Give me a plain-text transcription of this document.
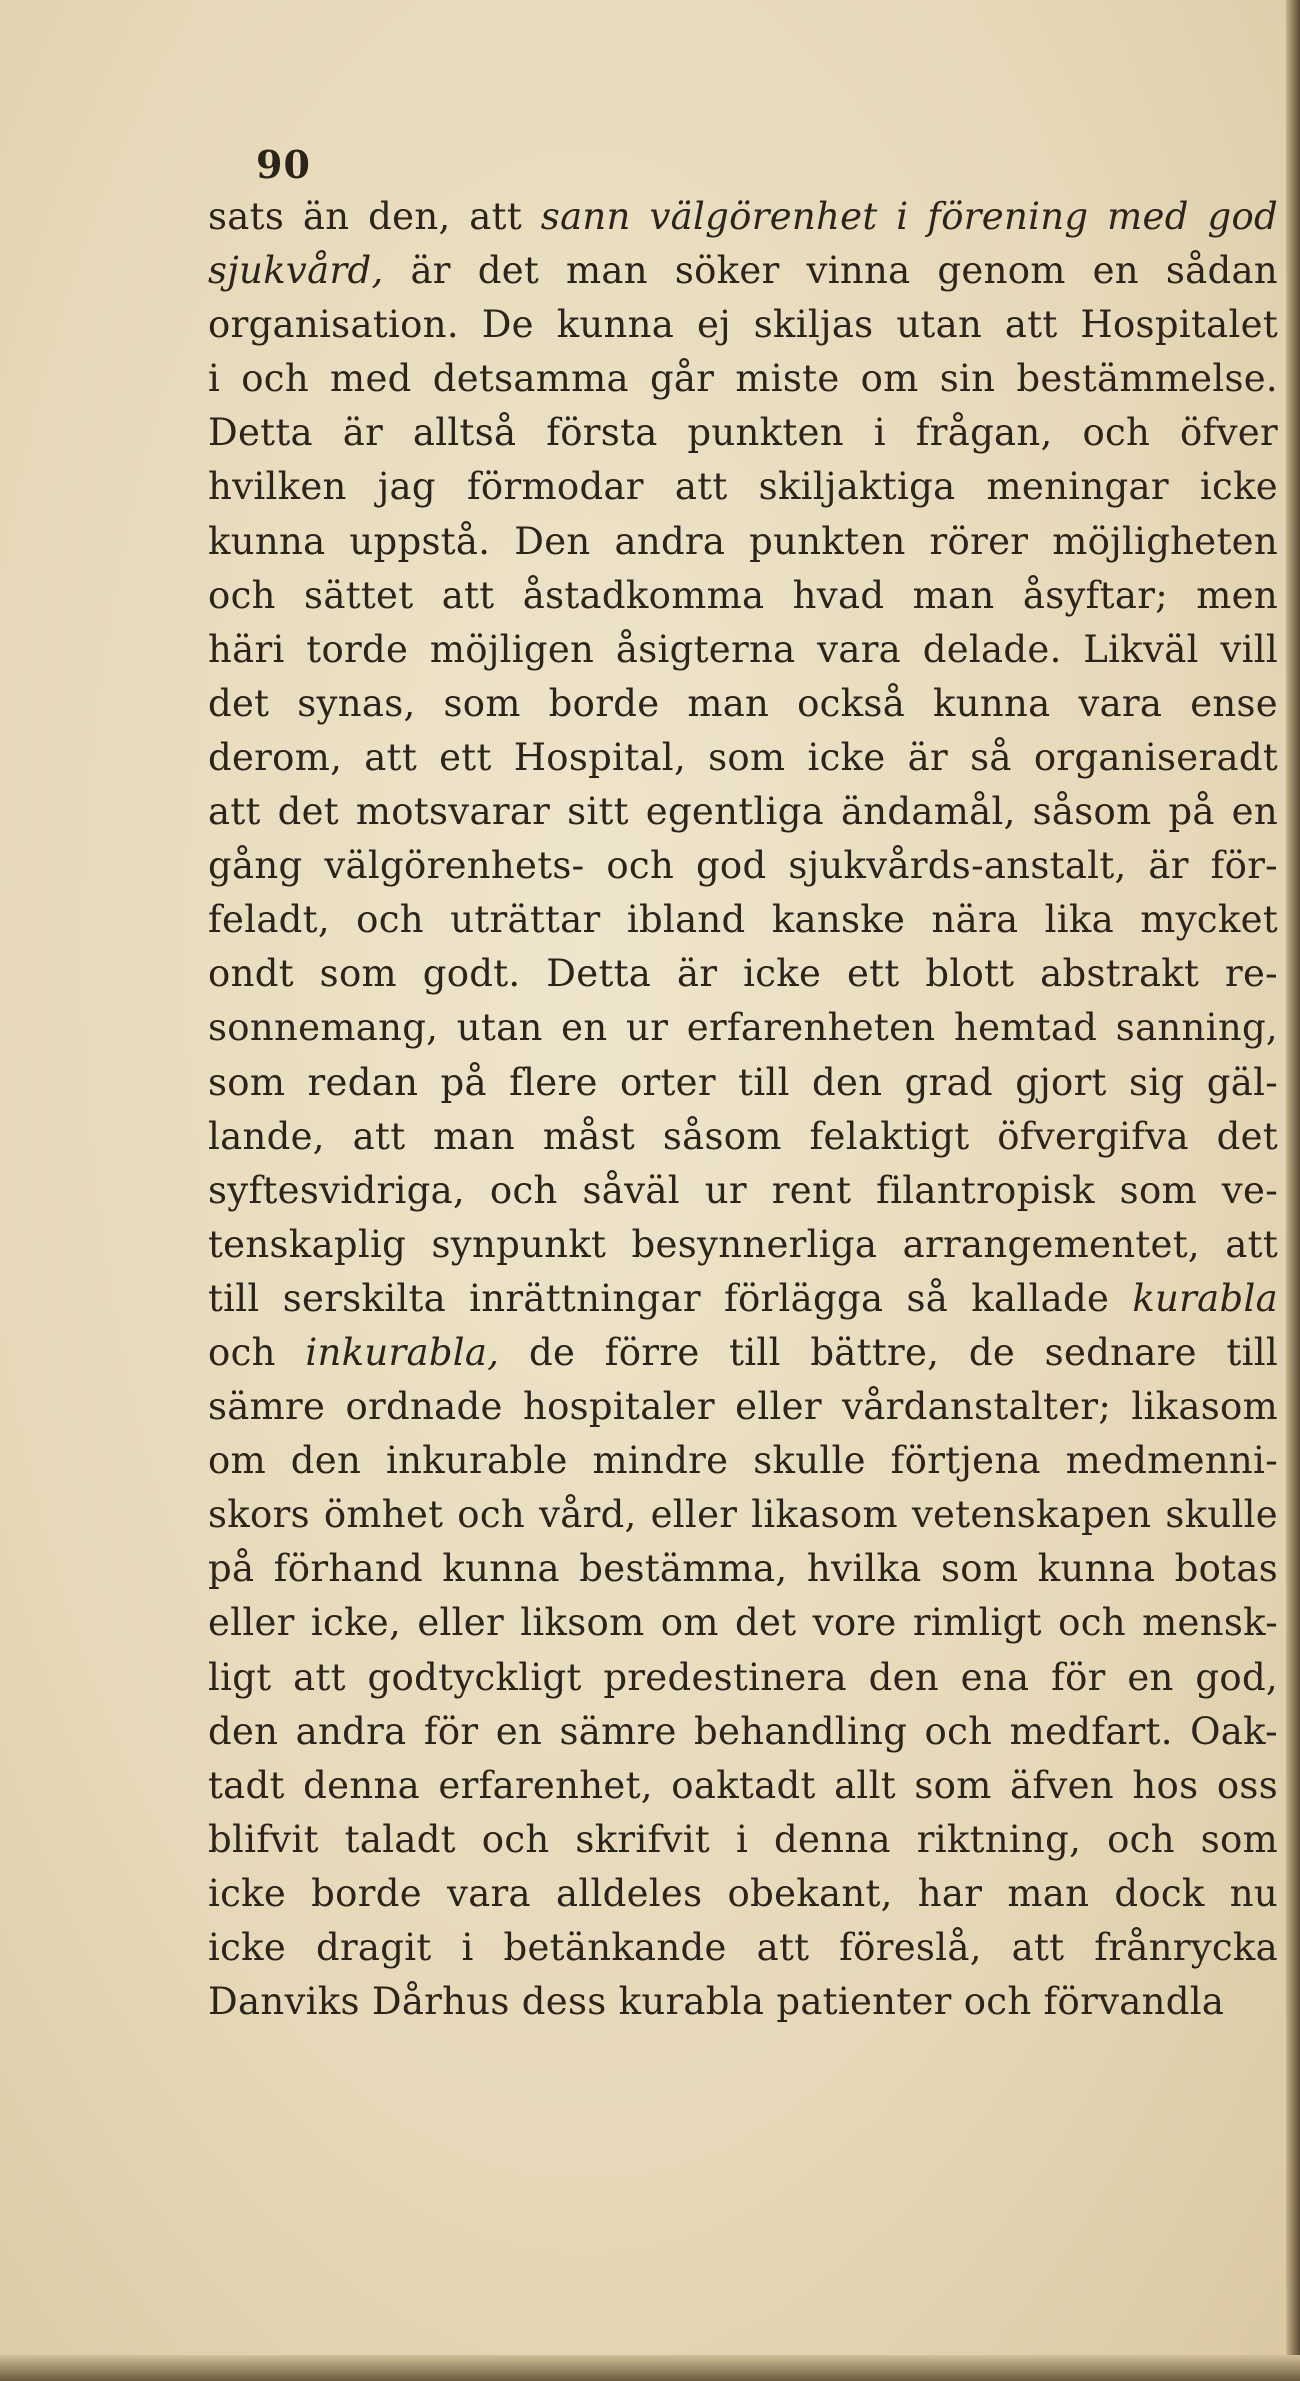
90
sats än den, att sann välgörenhet i förening med god
sjukvård, är det man söker vinna genom en sådan
organisation. De kunna ej skiljas utan att Hospitalet
i och med detsamma går miste om sin bestämmelse.
Detta är alltså första punkten i frågan, och öfver
hvilken jag förmodar att skiljaktiga meningar icke
kunna uppstå. Den andra punkten rörer möjligheten
och sättet att åstadkomma hvad man åsyftar; men
häri torde möjligen åsigterna vara delade. Likväl vill
det synas, som borde man också kunna vara ense
derom, att ett Hospital, som icke är så organiseradt
att det motsvarar sitt egentliga ändamål, såsom på en
gång välgörenhets- och god sjukvårds-anstalt, är för-
feladt, och uträttar ibland kanske nära lika mycket
ondt som godt. Detta är icke ett blott abstrakt re-
sonnemang, utan en ur erfarenheten hemtad sanning,
som redan på flere orter till den grad gjort sig gäl-
lande, att man måst såsom felaktigt öfvergifva det
syftesvidriga, och såväl ur rent filantropisk som ve-
tenskaplig synpunkt besynnerliga arrangementet, att
till serskilta inrättningar förlägga så kallade kurabla
och inkurabla, de förre till bättre, de sednare till
sämre ordnade hospitaler eller vårdanstalter; likasom
om den inkurable mindre skulle förtjena medmenni-
skors ömhet och vård, eller likasom vetenskapen skulle
på förhand kunna bestämma, hvilka som kunna botas
eller icke, eller liksom om det vore rimligt och mensk-
ligt att godtyckligt predestinera den ena för en god,
den andra för en sämre behandling och medfart. Oak-
tadt denna erfarenhet, oaktadt allt som äfven hos oss
blifvit taladt och skrifvit i denna riktning, och som
icke borde vara alldeles obekant, har man dock nu
icke dragit i betänkande att föreslå, att frånrycka
Danviks Dårhus dess kurabla patienter och förvandla
